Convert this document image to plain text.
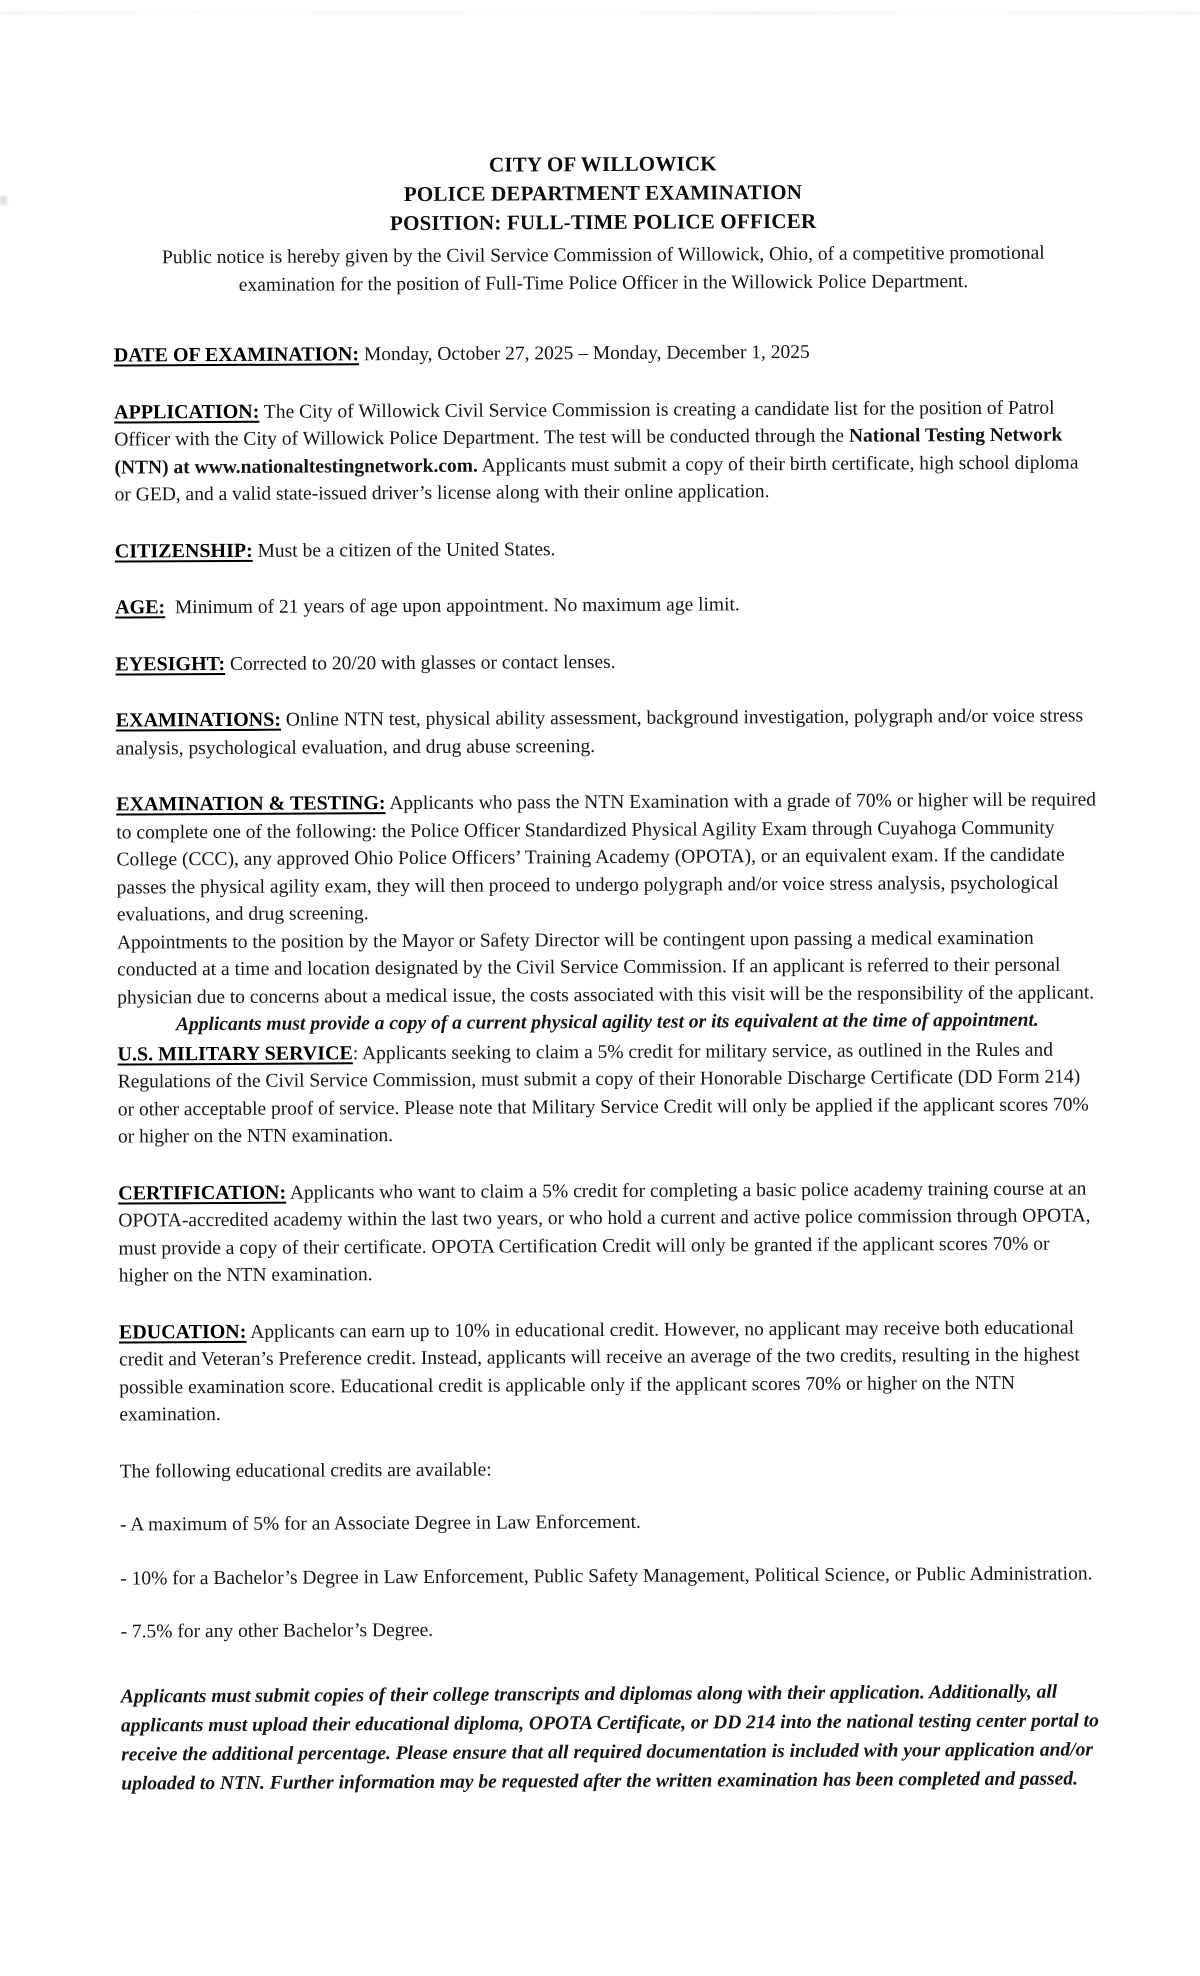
CITY OF WILLOWICK
POLICE DEPARTMENT EXAMINATION
POSITION: FULL-TIME POLICE OFFICER

Public notice is hereby given by the Civil Service Commission of Willowick, Ohio, of a competitive promotional examination for the position of Full-Time Police Officer in the Willowick Police Department.

DATE OF EXAMINATION: Monday, October 27, 2025 – Monday, December 1, 2025

APPLICATION: The City of Willowick Civil Service Commission is creating a candidate list for the position of Patrol Officer with the City of Willowick Police Department. The test will be conducted through the National Testing Network (NTN) at www.nationaltestingnetwork.com. Applicants must submit a copy of their birth certificate, high school diploma or GED, and a valid state-issued driver’s license along with their online application.

CITIZENSHIP: Must be a citizen of the United States.

AGE: Minimum of 21 years of age upon appointment. No maximum age limit.

EYESIGHT: Corrected to 20/20 with glasses or contact lenses.

EXAMINATIONS: Online NTN test, physical ability assessment, background investigation, polygraph and/or voice stress analysis, psychological evaluation, and drug abuse screening.

EXAMINATION & TESTING: Applicants who pass the NTN Examination with a grade of 70% or higher will be required to complete one of the following: the Police Officer Standardized Physical Agility Exam through Cuyahoga Community College (CCC), any approved Ohio Police Officers’ Training Academy (OPOTA), or an equivalent exam. If the candidate passes the physical agility exam, they will then proceed to undergo polygraph and/or voice stress analysis, psychological evaluations, and drug screening.

Appointments to the position by the Mayor or Safety Director will be contingent upon passing a medical examination conducted at a time and location designated by the Civil Service Commission. If an applicant is referred to their personal physician due to concerns about a medical issue, the costs associated with this visit will be the responsibility of the applicant.

Applicants must provide a copy of a current physical agility test or its equivalent at the time of appointment.

U.S. MILITARY SERVICE: Applicants seeking to claim a 5% credit for military service, as outlined in the Rules and Regulations of the Civil Service Commission, must submit a copy of their Honorable Discharge Certificate (DD Form 214) or other acceptable proof of service. Please note that Military Service Credit will only be applied if the applicant scores 70% or higher on the NTN examination.

CERTIFICATION: Applicants who want to claim a 5% credit for completing a basic police academy training course at an OPOTA-accredited academy within the last two years, or who hold a current and active police commission through OPOTA, must provide a copy of their certificate. OPOTA Certification Credit will only be granted if the applicant scores 70% or higher on the NTN examination.

EDUCATION: Applicants can earn up to 10% in educational credit. However, no applicant may receive both educational credit and Veteran’s Preference credit. Instead, applicants will receive an average of the two credits, resulting in the highest possible examination score. Educational credit is applicable only if the applicant scores 70% or higher on the NTN examination.

The following educational credits are available:

- A maximum of 5% for an Associate Degree in Law Enforcement.

- 10% for a Bachelor’s Degree in Law Enforcement, Public Safety Management, Political Science, or Public Administration.

- 7.5% for any other Bachelor’s Degree.

Applicants must submit copies of their college transcripts and diplomas along with their application. Additionally, all applicants must upload their educational diploma, OPOTA Certificate, or DD 214 into the national testing center portal to receive the additional percentage. Please ensure that all required documentation is included with your application and/or uploaded to NTN. Further information may be requested after the written examination has been completed and passed.
